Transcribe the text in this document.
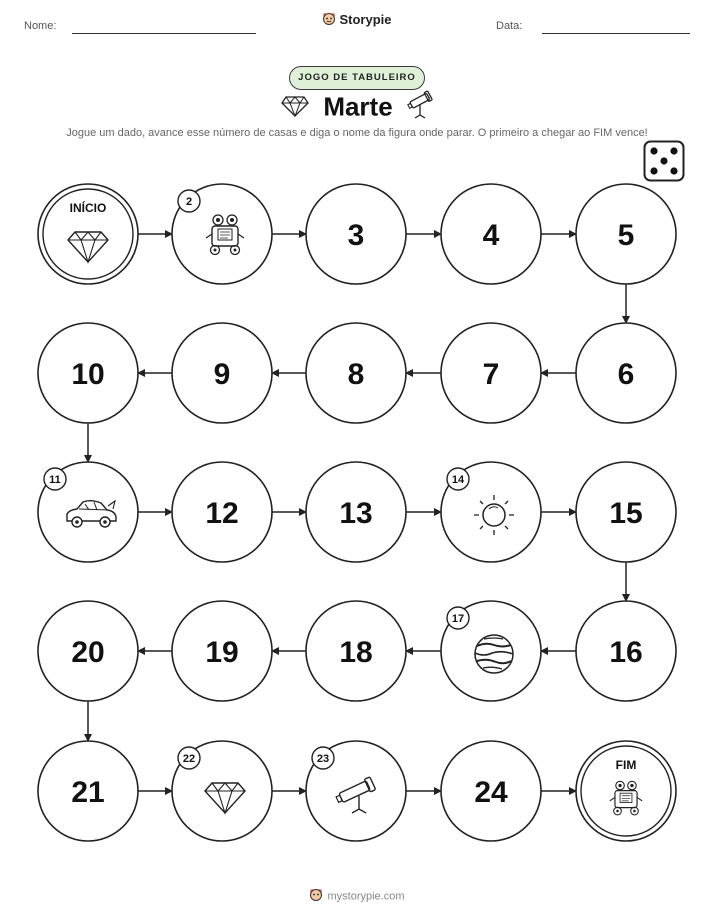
Nome:	Data:
Storypie
JOGO DE TABULEIRO
Marte
Jogue um dado, avance esse número de casas e diga o nome da figura onde parar. O primeiro a chegar ao FIM vence!
INÍCIO	2
3	4	5
6
7
8
9
10
11
12	13
14
15
16
17
18
19
20
21
22	23
24
FIM
mystorypie.com
